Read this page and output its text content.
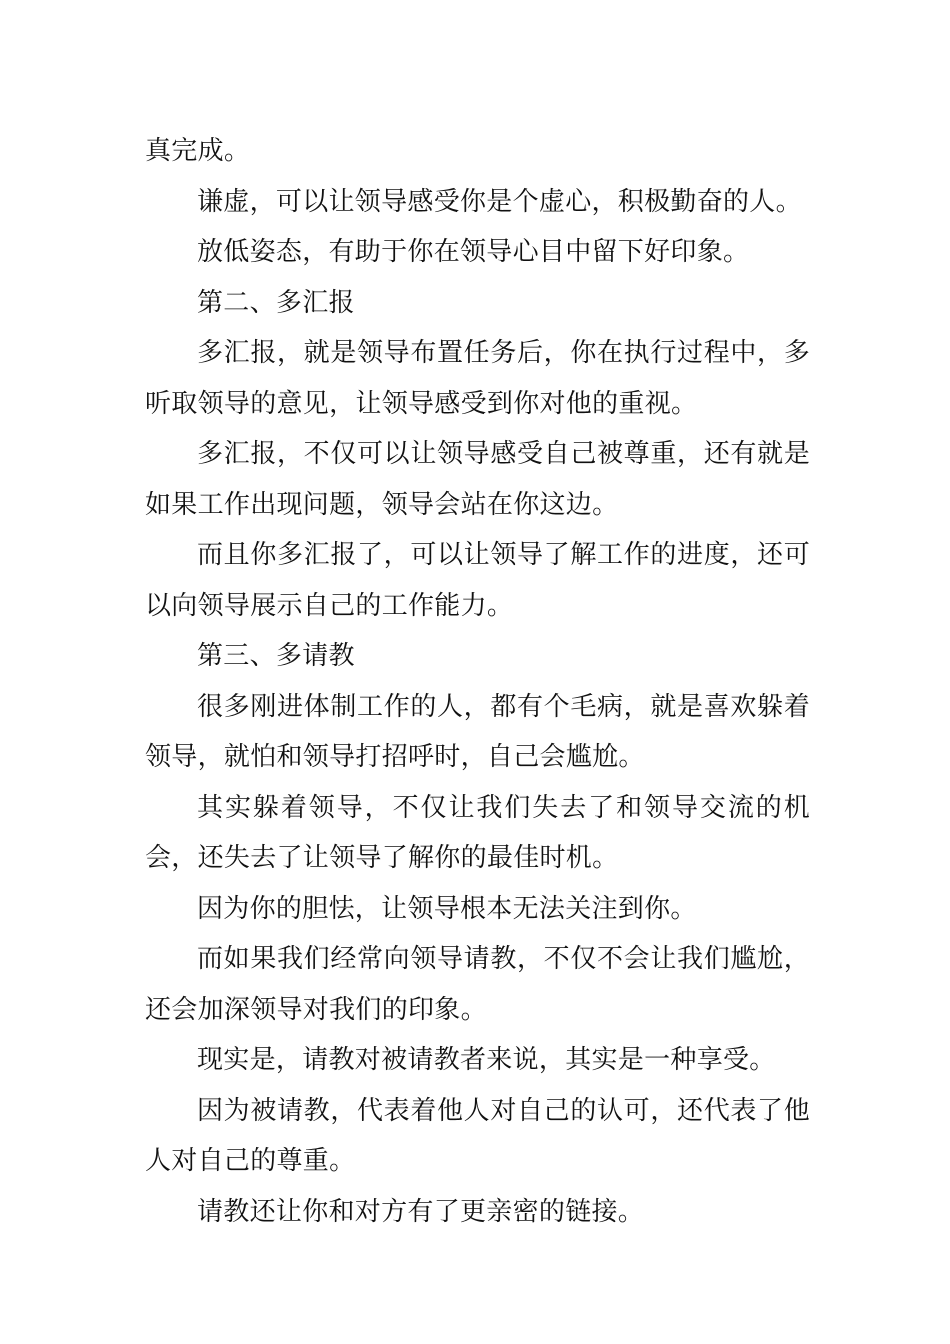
真完成。

谦虚，可以让领导感受你是个虚心，积极勤奋的人。

放低姿态，有助于你在领导心目中留下好印象。

第二、多汇报

多汇报，就是领导布置任务后，你在执行过程中，多听取领导的意见，让领导感受到你对他的重视。

多汇报，不仅可以让领导感受自己被尊重，还有就是如果工作出现问题，领导会站在你这边。

而且你多汇报了，可以让领导了解工作的进度，还可以向领导展示自己的工作能力。

第三、多请教

很多刚进体制工作的人，都有个毛病，就是喜欢躲着领导，就怕和领导打招呼时，自己会尴尬。

其实躲着领导，不仅让我们失去了和领导交流的机会，还失去了让领导了解你的最佳时机。

因为你的胆怯，让领导根本无法关注到你。

而如果我们经常向领导请教，不仅不会让我们尴尬，还会加深领导对我们的印象。

现实是，请教对被请教者来说，其实是一种享受。

因为被请教，代表着他人对自己的认可，还代表了他人对自己的尊重。

请教还让你和对方有了更亲密的链接。
